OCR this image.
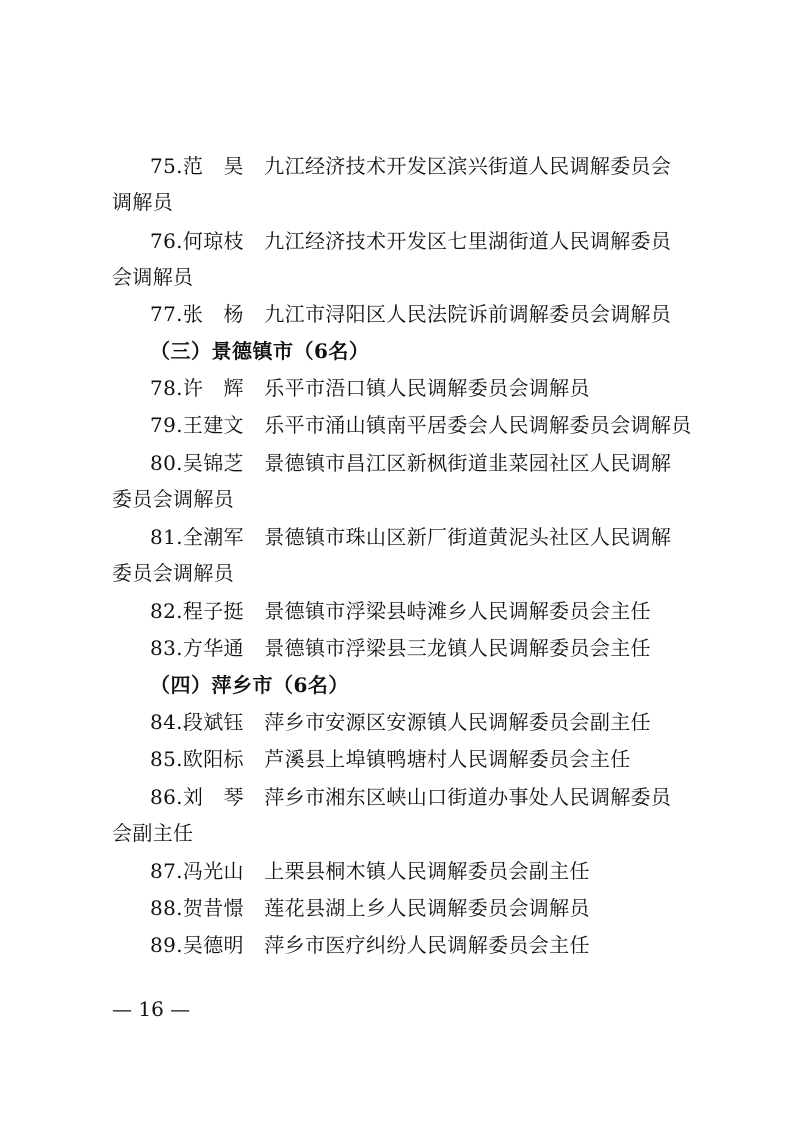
75.范　昊　九江经济技术开发区滨兴街道人民调解委员会
调解员
76.何琼枝　九江经济技术开发区七里湖街道人民调解委员
会调解员
77.张　杨　九江市浔阳区人民法院诉前调解委员会调解员
（三）景德镇市（6名）
78.许　辉　乐平市浯口镇人民调解委员会调解员
79.王建文　乐平市涌山镇南平居委会人民调解委员会调解员
80.吴锦芝　景德镇市昌江区新枫街道韭菜园社区人民调解
委员会调解员
81.全潮军　景德镇市珠山区新厂街道黄泥头社区人民调解
委员会调解员
82.程子挺　景德镇市浮梁县峙滩乡人民调解委员会主任
83.方华通　景德镇市浮梁县三龙镇人民调解委员会主任
（四）萍乡市（6名）
84.段斌钰　萍乡市安源区安源镇人民调解委员会副主任
85.欧阳标　芦溪县上埠镇鸭塘村人民调解委员会主任
86.刘　琴　萍乡市湘东区峡山口街道办事处人民调解委员
会副主任
87.冯光山　上栗县桐木镇人民调解委员会副主任
88.贺昔憬　莲花县湖上乡人民调解委员会调解员
89.吴德明　萍乡市医疗纠纷人民调解委员会主任
— 16 —
